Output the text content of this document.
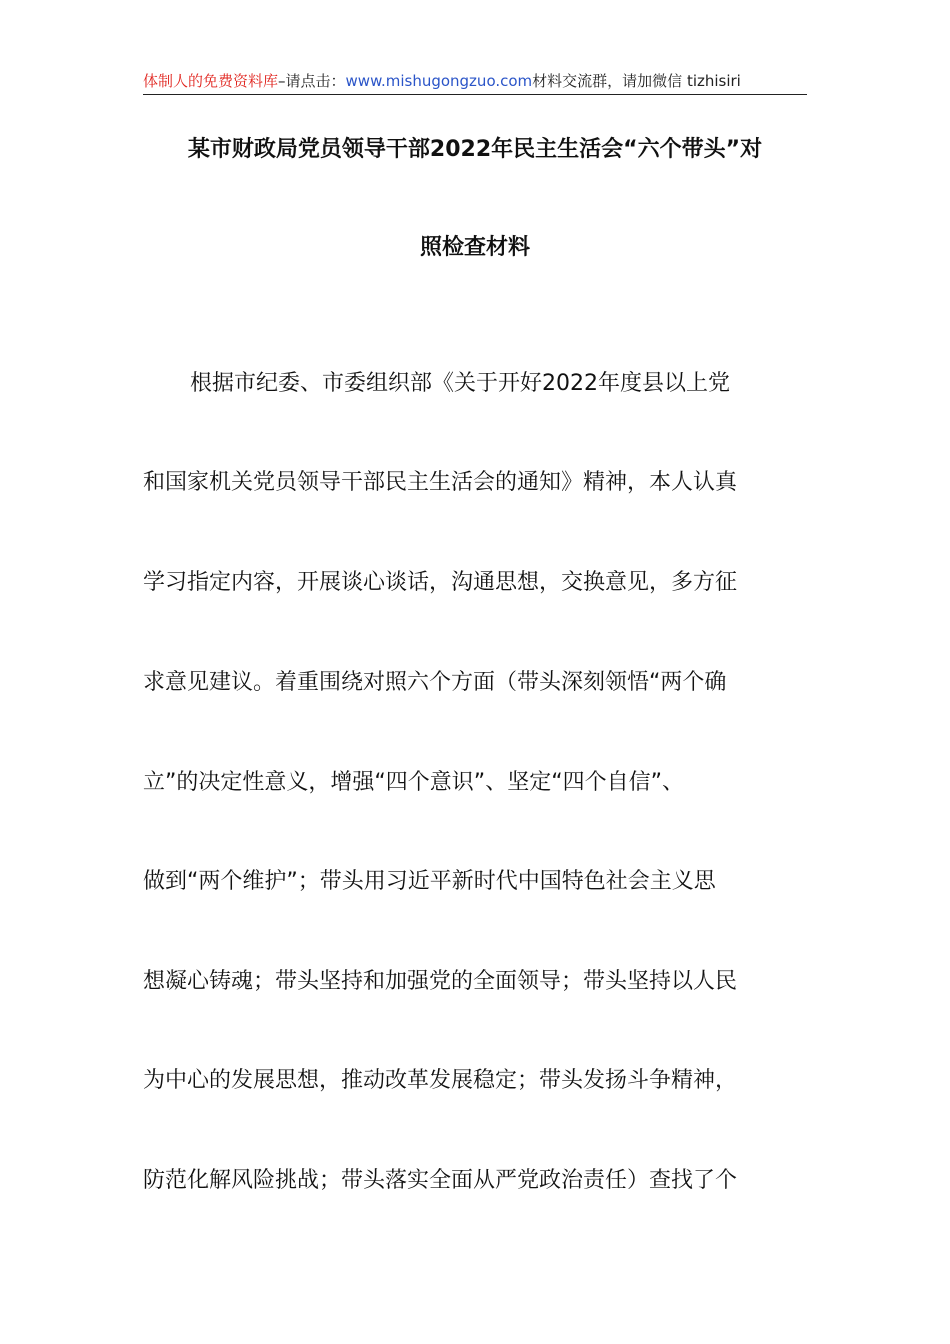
体制人的免费资料库–请点击：www.mishugongzuo.com材料交流群，请加微信 tizhisiri
某市财政局党员领导干部2022年民主生活会“六个带头”对
照检查材料
根据市纪委、市委组织部《关于开好2022年度县以上党
和国家机关党员领导干部民主生活会的通知》精神，本人认真
学习指定内容，开展谈心谈话，沟通思想，交换意见，多方征
求意见建议。着重围绕对照六个方面（带头深刻领悟“两个确
立”的决定性意义，增强“四个意识”、坚定“四个自信”、
做到“两个维护”；带头用习近平新时代中国特色社会主义思
想凝心铸魂；带头坚持和加强党的全面领导；带头坚持以人民
为中心的发展思想，推动改革发展稳定；带头发扬斗争精神，
防范化解风险挑战；带头落实全面从严党政治责任）查找了个
